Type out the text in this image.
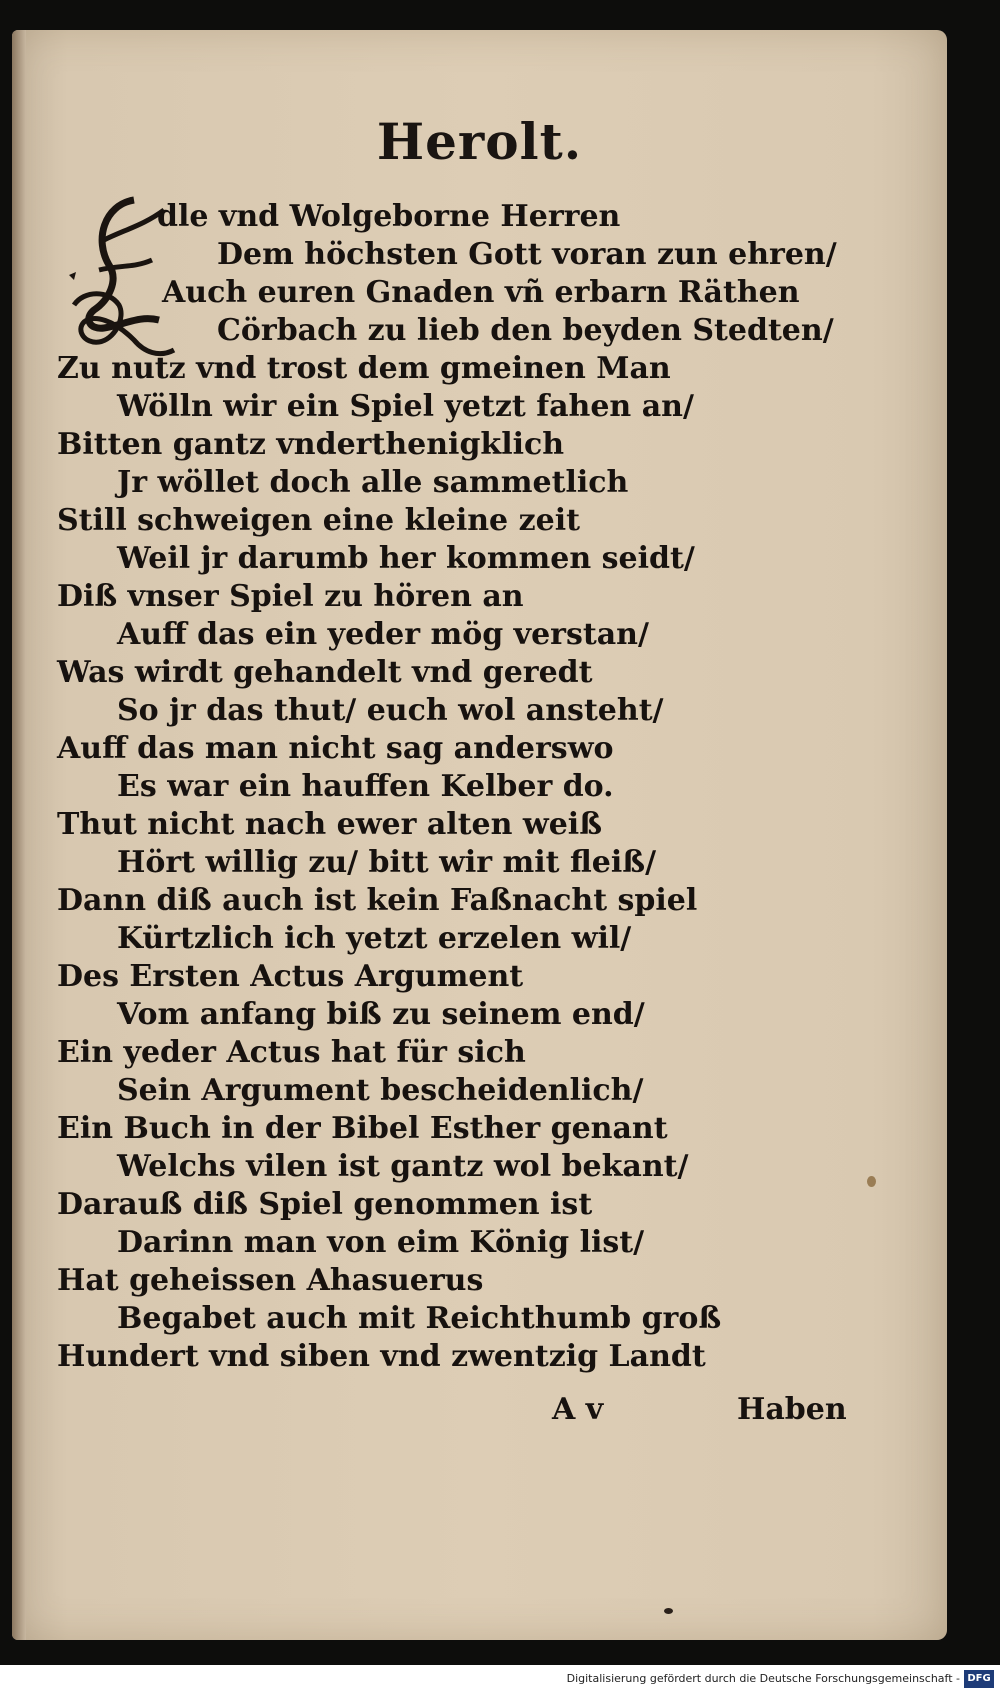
Herolt.
dle vnd Wolgeborne Herren
Dem höchsten Gott voran zun ehren/
Auch euren Gnaden vñ erbarn Räthen
Cörbach zu lieb den beyden Stedten/
Zu nutz vnd trost dem gmeinen Man
Wölln wir ein Spiel yetzt fahen an/
Bitten gantz vnderthenigklich
Jr wöllet doch alle sammetlich
Still schweigen eine kleine zeit
Weil jr darumb her kommen seidt/
Diß vnser Spiel zu hören an
Auff das ein yeder mög verstan/
Was wirdt gehandelt vnd geredt
So jr das thut/ euch wol ansteht/
Auff das man nicht sag anderswo
Es war ein hauffen Kelber do.
Thut nicht nach ewer alten weiß
Hört willig zu/ bitt wir mit fleiß/
Dann diß auch ist kein Faßnacht spiel
Kürtzlich ich yetzt erzelen wil/
Des Ersten Actus Argument
Vom anfang biß zu seinem end/
Ein yeder Actus hat für sich
Sein Argument bescheidenlich/
Ein Buch in der Bibel Esther genant
Welchs vilen ist gantz wol bekant/
Darauß diß Spiel genommen ist
Darinn man von eim König list/
Hat geheissen Ahasuerus
Begabet auch mit Reichthumb groß
Hundert vnd siben vnd zwentzig Landt
A v	Haben
Digitalisierung gefördert durch die Deutsche Forschungsgemeinschaft - DFG
